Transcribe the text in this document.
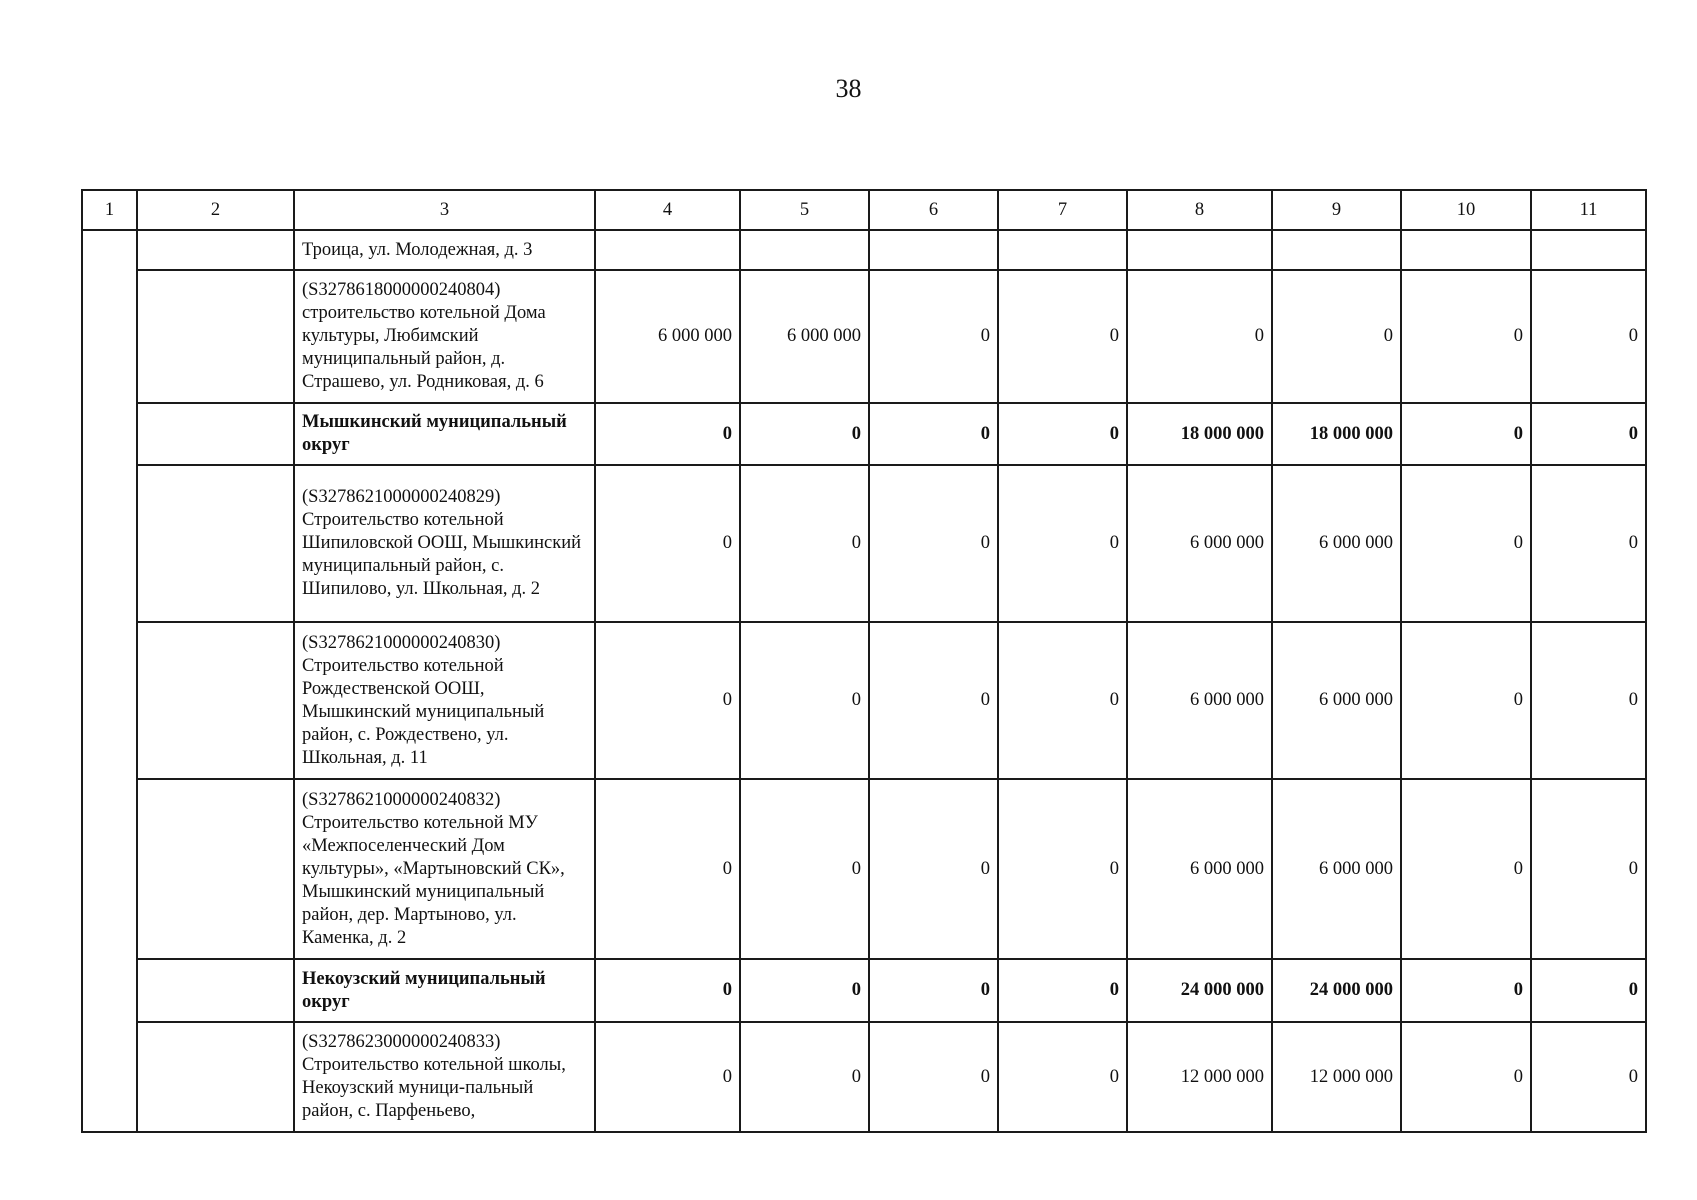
38
1	2	3	4	5	6	7	8	9	10	11
		Троица, ул. Молодежная, д. 3								
		(S3278618000000240804) строительство котельной Дома культуры, Любимский муниципальный район, д. Страшево, ул. Родниковая, д. 6	6 000 000	6 000 000	0	0	0	0	0	0
		Мышкинский муниципальный округ	0	0	0	0	18 000 000	18 000 000	0	0
		(S3278621000000240829) Строительство котельной Шипиловской ООШ, Мышкинский муниципальный район, с. Шипилово, ул. Школьная, д. 2	0	0	0	0	6 000 000	6 000 000	0	0
		(S3278621000000240830) Строительство котельной Рождественской ООШ, Мышкинский муниципальный район, с. Рождествено, ул. Школьная, д. 11	0	0	0	0	6 000 000	6 000 000	0	0
		(S3278621000000240832) Строительство котельной МУ «Межпоселенческий Дом культуры», «Мартыновский СК», Мышкинский муниципальный район, дер. Мартыново, ул. Каменка, д. 2	0	0	0	0	6 000 000	6 000 000	0	0
		Некоузский муниципальный округ	0	0	0	0	24 000 000	24 000 000	0	0
		(S3278623000000240833) Строительство котельной школы, Некоузский муници-пальный район, с. Парфеньево,	0	0	0	0	12 000 000	12 000 000	0	0
